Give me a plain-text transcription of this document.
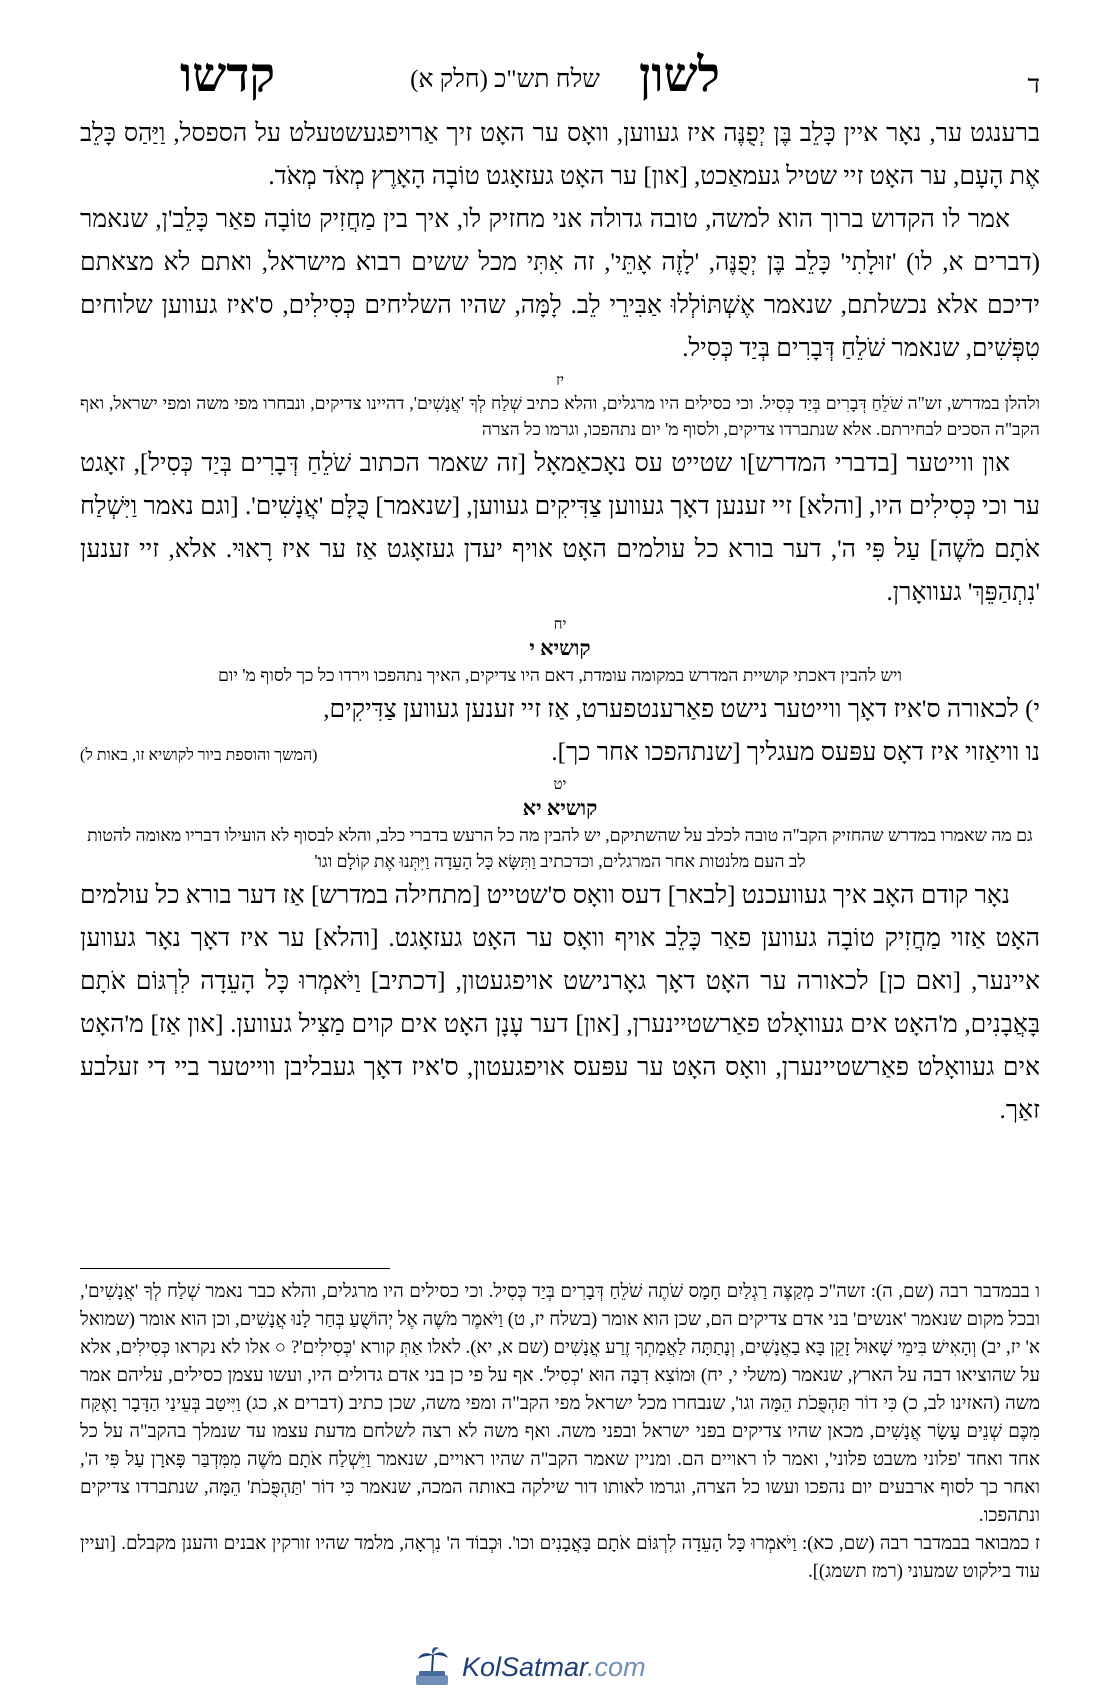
ד
לשון
שלח תש"כ (חלק א)
קדשו

ברענגט ער, נאָר איין כָּלֵב בֶּן יְפֻנֶּה איז געווען, וואָס ער האָט זיך אַרויפגעשטעלט על הספסל, וַיַּהַס כָּלֵב אֶת הָעָם, ער האָט זיי שטיל געמאַכט, [און] ער האָט געזאָגט טוֹבָה הָאָרֶץ מְאֹד מְאֹד.

אמר לו הקדוש ברוך הוא למשה, טובה גדולה אני מחזיק לו, איך בין מַחֲזִיק טוֹבָה פאַר כָּלֵב'ן, שנאמר (דברים א, לו) 'זוּלָתִי' כָּלֵב בֶּן יְפֻנֶּה, 'לָזֶה אָתֵּי', זה אִתִּי מכל ששים רבוא מישראל, ואתם לא מצאתם ידיכם אלא נכשלתם, שנאמר אֶשְׁתּוֹלְלוּ אַבִּירֵי לֵב. לָמָּה, שהיו השליחים כְּסִילִים, ס'איז געווען שלוחים טִפְּשִׁים, שנאמר שֹׁלֵחַ דְּבָרִים בְּיַד כְּסִיל.

יז

ולהלן במדרש, זש"ה שֹׁלֵחַ דְּבָרִים בְּיַד כְּסִיל. וכי כסילים היו מרגלים, והלא כתיב שְׁלַח לְךָ 'אֲנָשִׁים', דהיינו צדיקים, ונבחרו מפי משה ומפי ישראל, ואף הקב"ה הסכים לבחירתם. אלא שנתברדו צדיקים, ולסוף מ' יום נתהפכו, וגרמו כל הצרה

און ווייטער [בדברי המדרש]ו שטייט עס נאָכאַמאָל [זה שאמר הכתוב שֹׁלֵחַ דְּבָרִים בְּיַד כְּסִיל], זאָגט ער וכי כְּסִילִים היו, [והלא] זיי זענען דאָך געווען צַדִּיקִים געווען, [שנאמר] כֻּלָּם 'אֲנָשִׁים'. [וגם נאמר וַיִּשְׁלַח אֹתָם מֹשֶׁה] עַל פִּי ה', דער בורא כל עולמים האָט אויף יעדן געזאָגט אַז ער איז רָאוּי. אלא, זיי זענען 'נִתְהַפֵּךְ' געוואָרן.

יח
קושיא י

ויש להבין דאכתי קושיית המדרש במקומה עומדת, דאם היו צדיקים, האיך נתהפכו וירדו כל כך לסוף מ' יום

י) לכאורה ס'איז דאָך ווייטער נישט פאַרענטפערט, אַז זיי זענען געווען צַדִּיקִים,

נו וויאַזוי איז דאָס עפּעס מעגליך [שנתהפכו אחר כך].
(המשך והוספת ביור לקושיא זו, באות ל)
יט
קושיא יא

גם מה שאמרו במדרש שהחזיק הקב"ה טובה לכלב על שהשתיקם, יש להבין מה כל הרעש בדברי כלב, והלא לבסוף לא הועילו דבריו מאומה להטות לב העם מלנטות אחר המרגלים, וכדכתיב וַתִּשָּׂא כָּל הָעֵדָה וַיִּתְּנוּ אֶת קוֹלָם וגו'

נאָר קודם האָב איך געוועכנט [לבאר] דעס וואָס ס'שטייט [מתחילה במדרש] אַז דער בורא כל עולמים האָט אַזוי מַחֲזִיק טוֹבָה געווען פאַר כָּלֵב אויף וואָס ער האָט געזאָגט. [והלא] ער איז דאָך נאָר געווען איינער, [ואם כן] לכאורה ער האָט דאָך גאָרנישט אויפגעטון, [דכתיב] וַיֹּאמְרוּ כָּל הָעֵדָה לִרְגּוֹם אֹתָם בָּאֲבָנִים, מ'האָט אים געוואָלט פאַרשטיינערן, [און] דער עָנָן האָט אים קוים מַצִּיל געווען. [און אַז] מ'האָט אים געוואָלט פאַרשטיינערן, וואָס האָט ער עפּעס אויפגעטון, ס'איז דאָך געבליבן ווייטער ביי די זעלבע זאַך.

ו בבמדבר רבה (שם, ה): זשה"כ מְקַצֶּה רַגְלַיִם חָמָס שֹׁתֶה שֹׁלֵחַ דְּבָרִים בְּיַד כְּסִיל. וכי כסילים היו מרגלים, והלא כבר נאמר שְׁלַח לְךָ 'אֲנָשִׁים', ובכל מקום שנאמר 'אנשים' בני אדם צדיקים הם, שכן הוא אומר (בשלח יז, ט) וַיֹּאמֶר מֹשֶׁה אֶל יְהוֹשֻׁעַ בְּחַר לָנוּ אֲנָשִׁים, וכן הוא אומר (שמואל א' יז, יב) וְהָאִישׁ בִּימֵי שָׁאוּל זָקֵן בָּא בַאֲנָשִׁים, וְנָתַתָּה לַאֲמָתְךָ זֶרַע אֲנָשִׁים (שם א, יא). לאלו אַתְּ קורא 'כְּסִילִים'? ○ אלו לא נקראו כְּסִילִים, אלא על שהוציאו דבה על הארץ, שנאמר (משלי י, יח) וּמוֹצִא דִבָּה הוּא 'כְסִיל'. אף על פי כן בני אדם גדולים היו, ועשו עצמן כסילים, עליהם אמר משה (האזינו לב, כ) כִּי דוֹר תַּהְפֻּכֹת הֵמָּה וגו', שנבחרו מכל ישראל מפי הקב"ה ומפי משה, שכן כתיב (דברים א, כג) וַיִּיטַב בְּעֵינַי הַדָּבָר וָאֶקַּח מִכֶּם שְׁנֵים עָשָׂר אֲנָשִׁים, מכאן שהיו צדיקים בפני ישראל ובפני משה. ואף משה לא רצה לשלחם מדעת עצמו עד שנמלך בהקב"ה על כל אחד ואחד 'פלוני משבט פלוני', ואמר לו ראויים הם. ומניין שאמר הקב"ה שהיו ראויים, שנאמר וַיִּשְׁלַח אֹתָם מֹשֶׁה מִמִּדְבַּר פָּארָן עַל פִּי ה', ואחר כך לסוף ארבעים יום נהפכו ועשו כל הצרה, וגרמו לאותו דור שילקה באותה המכה, שנאמר כִּי דוֹר 'תַּהְפֻּכֹת' הֵמָּה, שנתברדו צדיקים ונתהפכו.

ז כמבואר בבמדבר רבה (שם, כא): וַיֹּאמְרוּ כָּל הָעֵדָה לִרְגּוֹם אֹתָם בָּאֲבָנִים וכו'. וּכְבוֹד ה' נִרְאָה, מלמד שהיו זורקין אבנים והענן מקבלם. [ועיין עוד בילקוט שמעוני (רמז תשמג)].

KolSatmar.com
